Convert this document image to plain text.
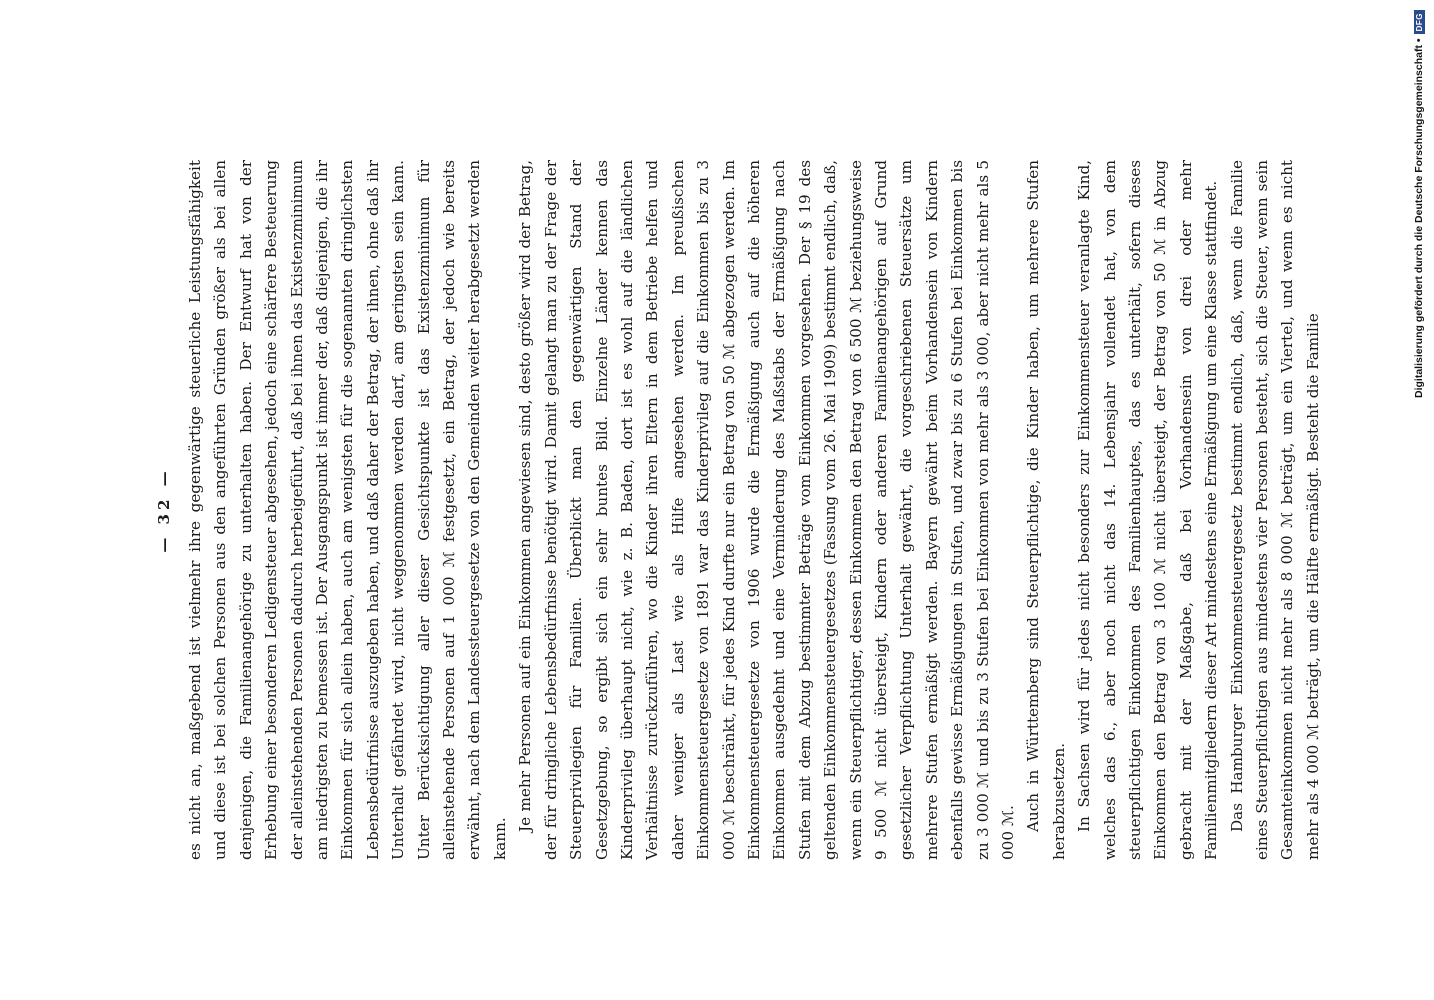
— 32 — es nicht an, maßgebend ist vielmehr ihre gegenwärtige steuerliche Leistungsfähigkeit und diese ist bei solchen Personen aus den angeführten Gründen größer als bei allen denjenigen, die Familienangehörige zu unterhalten haben. Der Entwurf hat von der Erhebung einer besonderen Ledigensteuer abgesehen, jedoch eine schärfere Besteuerung der alleinstehenden Personen dadurch herbeigeführt, daß bei ihnen das Existenzminimum am niedrigsten zu bemessen ist. Der Ausgangspunkt ist immer der, daß diejenigen, die ihr Einkommen für sich allein haben, auch am wenigsten für die sogenannten dringlichsten Lebensbedürfnisse auszugeben haben, und daß daher der Betrag, der ihnen, ohne daß ihr Unterhalt gefährdet wird, nicht weggenommen werden darf, am geringsten sein kann. Unter Berücksichtigung aller dieser Gesichtspunkte ist das Existenzminimum für alleinstehende Personen auf 1 000 ℳ festgesetzt, ein Betrag, der jedoch wie bereits erwähnt, nach dem Landessteuergesetze von den Gemeinden weiter herabgesetzt werden kann.

Je mehr Personen auf ein Einkommen angewiesen sind, desto größer wird der Betrag, der für dringliche Lebensbedürfnisse benötigt wird. Damit gelangt man zu der Frage der Steuerprivilegien für Familien. Überblickt man den gegenwärtigen Stand der Gesetzgebung, so ergibt sich ein sehr buntes Bild. Einzelne Länder kennen das Kinderprivileg überhaupt nicht, wie z. B. Baden, dort ist es wohl auf die ländlichen Verhältnisse zurückzuführen, wo die Kinder ihren Eltern in dem Betriebe helfen und daher weniger als Last wie als Hilfe angesehen werden. Im preußischen Einkommensteuergesetze von 1891 war das Kinderprivileg auf die Einkommen bis zu 3 000 ℳ beschränkt, für jedes Kind durfte nur ein Betrag von 50 ℳ abgezogen werden. Im Einkommensteuergesetze von 1906 wurde die Ermäßigung auch auf die höheren Einkommen ausgedehnt und eine Verminderung des Maßstabs der Ermäßigung nach Stufen mit dem Abzug bestimmter Beträge vom Einkommen vorgesehen. Der § 19 des geltenden Einkommensteuergesetzes (Fassung vom 26. Mai 1909) bestimmt endlich, daß, wenn ein Steuerpflichtiger, dessen Einkommen den Betrag von 6 500 ℳ beziehungsweise 9 500 ℳ nicht übersteigt, Kindern oder anderen Familienangehörigen auf Grund gesetzlicher Verpflichtung Unterhalt gewährt, die vorgeschriebenen Steuersätze um mehrere Stufen ermäßigt werden. Bayern gewährt beim Vorhandensein von Kindern ebenfalls gewisse Ermäßigungen in Stufen, und zwar bis zu 6 Stufen bei Einkommen bis zu 3 000 ℳ und bis zu 3 Stufen bei Einkommen von mehr als 3 000, aber nicht mehr als 5 000 ℳ.

Auch in Württemberg sind Steuerpflichtige, die Kinder haben, um mehrere Stufen herabzusetzen. In Sachsen wird für jedes nicht besonders zur Einkommensteuer veranlagte Kind, welches das 6., aber noch nicht das 14. Lebensjahr vollendet hat, von dem steuerpflichtigen Einkommen des Familienhauptes, das es unterhält, sofern dieses Einkommen den Betrag von 3 100 ℳ nicht übersteigt, der Betrag von 50 ℳ in Abzug gebracht mit der Maßgabe, daß bei Vorhandensein von drei oder mehr Familienmitgliedern dieser Art mindestens eine Ermäßigung um eine Klasse stattfindet. Das Hamburger Einkommensteuergesetz bestimmt endlich, daß, wenn die Familie eines Steuerpflichtigen aus mindestens vier Personen besteht, sich die Steuer, wenn sein Gesamteinkommen nicht mehr als 8 000 ℳ beträgt, um ein Viertel, und wenn es nicht mehr als 4 000 ℳ beträgt, um die Hälfte ermäßigt. Besteht die Familie

Digitalisierung gefördert durch die Deutsche Forschungsgemeinschaft •
DFG
